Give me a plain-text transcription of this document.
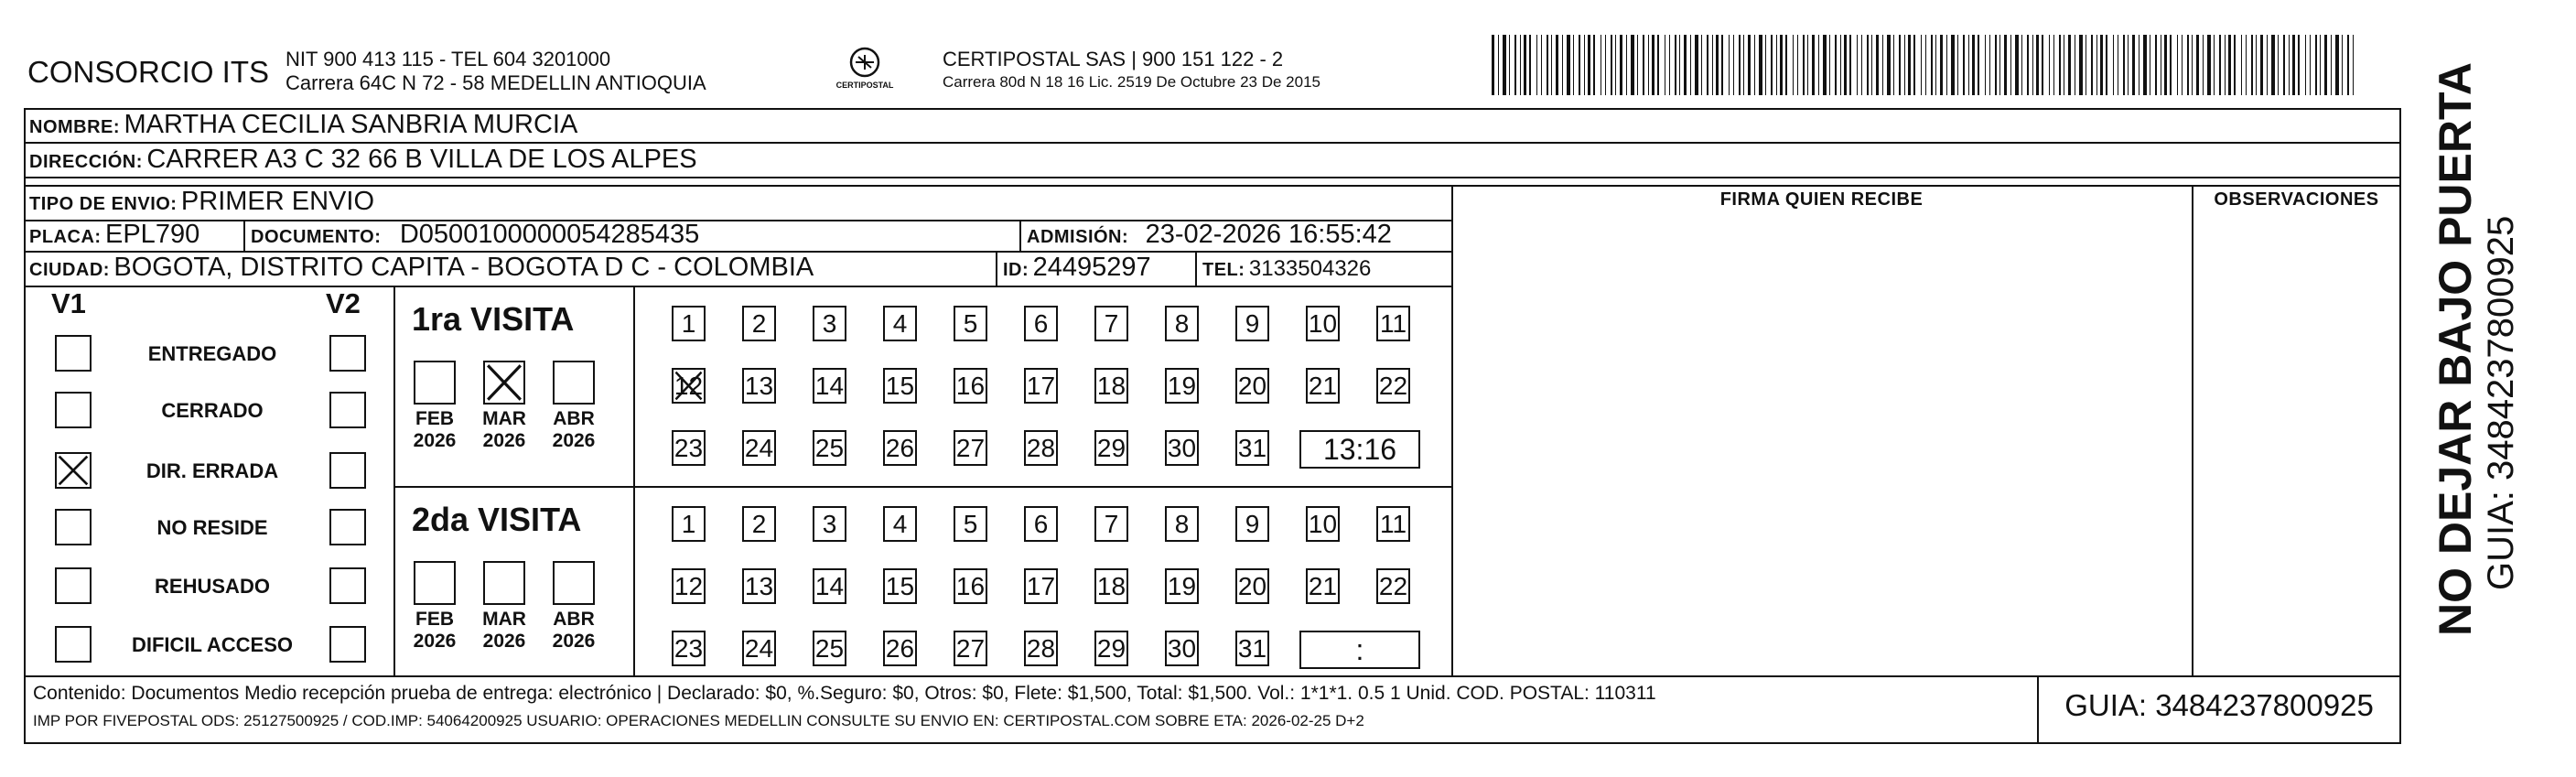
CONSORCIO ITS NIT 900 413 115 - TEL 604 3201000
Carrera 64C N 72 - 58 MEDELLIN ANTIOQUIA	CERTIPOSTAL
CERTIPOSTAL SAS | 900 151 122 - 2
Carrera 80d N 18 16 Lic. 2519 De Octubre 23 De 2015
NOMBRE: MARTHA CECILIA SANBRIA MURCIA
DIRECCIÓN: CARRER A3 C 32 66 B VILLA DE LOS ALPES
TIPO DE ENVIO: PRIMER ENVIO
PLACA: EPL790	DOCUMENTO: D0500100000054285435	ADMISIÓN: 23-02-2026 16:55:42
CIUDAD: BOGOTA, DISTRITO CAPITA - BOGOTA D C - COLOMBIA	ID: 24495297	TEL: 3133504326
FIRMA QUIEN RECIBE	OBSERVACIONES
V1	V2
ENTREGADO
CERRADO
DIR. ERRADA
NO RESIDE
REHUSADO
DIFICIL ACCESO
1ra VISITA
FEB
2026
MAR
2026
ABR
2026
1	2	3	4	5	6	7	8	9	10 11
12 13 14 15 16 17 18 19 20 21 22
23 24 25 26 27 28 29 30 31	13:16
2da VISITA
FEB
2026
MAR
2026
ABR
2026
1	2	3	4	5	6	7	8	9	10 11
12 13 14 15 16 17 18 19 20 21 22
23 24 25 26 27 28 29 30 31	:
Contenido: Documentos Medio recepción prueba de entrega: electrónico | Declarado: $0, %.Seguro: $0, Otros: $0, Flete: $1,500, Total: $1,500. Vol.: 1*1*1. 0.5 1 Unid. COD. POSTAL: 110311
IMP POR FIVEPOSTAL ODS: 25127500925 / COD.IMP: 54064200925 USUARIO: OPERACIONES MEDELLIN CONSULTE SU ENVIO EN: CERTIPOSTAL.COM SOBRE ETA: 2026-02-25 D+2	GUIA: 3484237800925
NO DEJAR BAJO PUERTA GUIA: 3484237800925
